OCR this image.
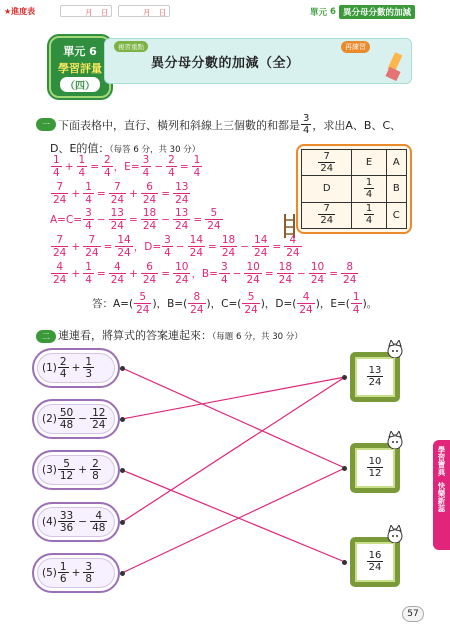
★進度表	月 日	月 日	單元 6 異分母分數的加減
單元 6
學習評量
（四）
複習重點
異分母分數的加減（全）
再練習
一 下面表格中，直行、橫列和斜線上三個數的和都是 $\frac{3}{4}$ ，求出A、B、C、
D、E的值：（每答 6 分，共 30 分）
$\frac{7}{24}$	E	A
D	$\frac{1}{4}$	B

$\frac{7}{24}$	$\frac{1}{4}$	C
$\frac{1}{4} + \frac{1}{4} = \frac{2}{4}$ ，$E= \frac{3}{4} - \frac{2}{4} = \frac{1}{4}$
$\frac{7}{24} + \frac{1}{4} = \frac{7}{24} + \frac{6}{24} = \frac{13}{24}$
$A=C= \frac{3}{4} - \frac{13}{24} = \frac{18}{24} - \frac{13}{24} = \frac{5}{24}$
$\frac{7}{24} + \frac{7}{24} = \frac{14}{24}$ ，$D= \frac{3}{4} - \frac{14}{24} = \frac{18}{24} - \frac{14}{24} = \frac{4}{24}$
$\frac{4}{24} + \frac{1}{4} = \frac{4}{24} + \frac{6}{24} = \frac{10}{24}$ ，$B= \frac{3}{4} - \frac{10}{24} = \frac{18}{24} - \frac{10}{24} = \frac{8}{24}$
答： $A=( \frac{5}{24}$ )， $B=( \frac{8}{24}$ )， $C=( \frac{5}{24}$ )， $D=( \frac{4}{24}$ )， $E=( \frac{1}{4}$ )。
二 連連看，將算式的答案連起來：（每題 6 分，共 30 分）
$(1) \frac{2}{4} + \frac{1}{3}$
$(2) \frac{50}{48} - \frac{12}{24}$
$(3) \frac{5}{12} + \frac{2}{8}$
$(4) \frac{33}{36} - \frac{4}{48}$
$(5) \frac{1}{6} + \frac{3}{8}$
$\frac{13}{24}$
$\frac{10}{12}$
$\frac{16}{24}$
學習寶典
快樂新蕊
57
